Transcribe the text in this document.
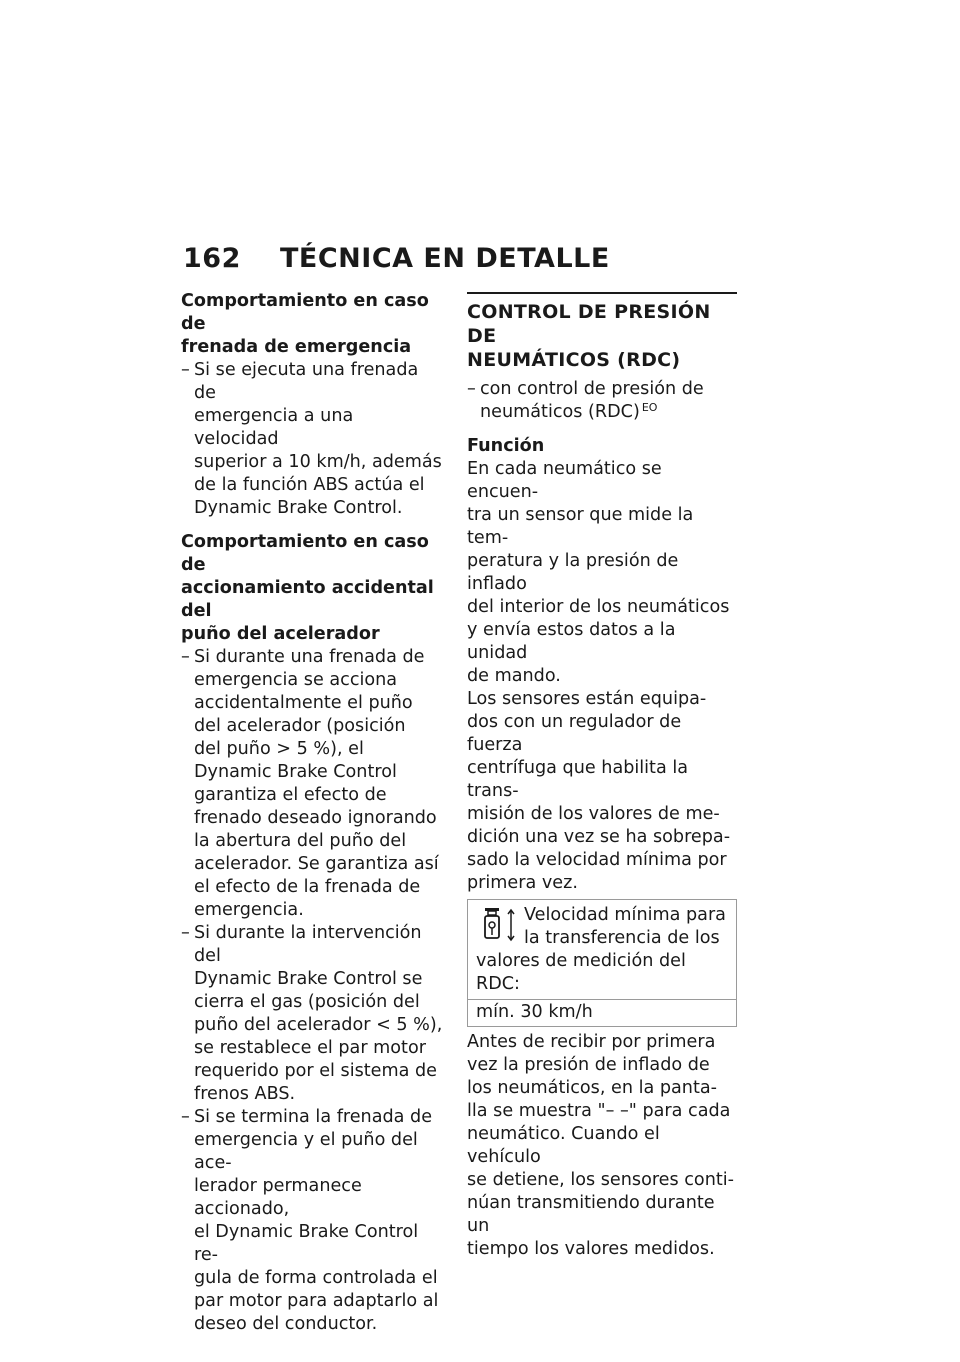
162 TÉCNICA EN DETALLE
Comportamiento en caso de
frenada de emergencia
– Si se ejecuta una frenada de
emergencia a una velocidad
superior a 10 km/h, además
de la función ABS actúa el
Dynamic Brake Control.
Comportamiento en caso de
accionamiento accidental del
puño del acelerador
– Si durante una frenada de
emergencia se acciona
accidentalmente el puño
del acelerador (posición
del puño > 5 %), el
Dynamic Brake Control
garantiza el efecto de
frenado deseado ignorando
la abertura del puño del
acelerador. Se garantiza así
el efecto de la frenada de
emergencia.
– Si durante la intervención del
Dynamic Brake Control se
cierra el gas (posición del
puño del acelerador < 5 %),
se restablece el par motor
requerido por el sistema de
frenos ABS.
– Si se termina la frenada de
emergencia y el puño del ace-
lerador permanece accionado,
el Dynamic Brake Control re-
gula de forma controlada el
par motor para adaptarlo al
deseo del conductor.
CONTROL DE PRESIÓN DE
NEUMÁTICOS (RDC)
– con control de presión de
neumáticos (RDC) $^{EO}$
Función

En cada neumático se encuen-
tra un sensor que mide la tem-
peratura y la presión de inflado
del interior de los neumáticos
y envía estos datos a la unidad
de mando.

Los sensores están equipa-
dos con un regulador de fuerza
centrífuga que habilita la trans-
misión de los valores de me-
dición una vez se ha sobrepa-
sado la velocidad mínima por
primera vez.

Velocidad mínima para
la transferencia de los
valores de medición del RDC:
mín. 30 km/h

Antes de recibir por primera
vez la presión de inflado de
los neumáticos, en la panta-
lla se muestra "– –" para cada
neumático. Cuando el vehículo
se detiene, los sensores conti-
núan transmitiendo durante un
tiempo los valores medidos.
